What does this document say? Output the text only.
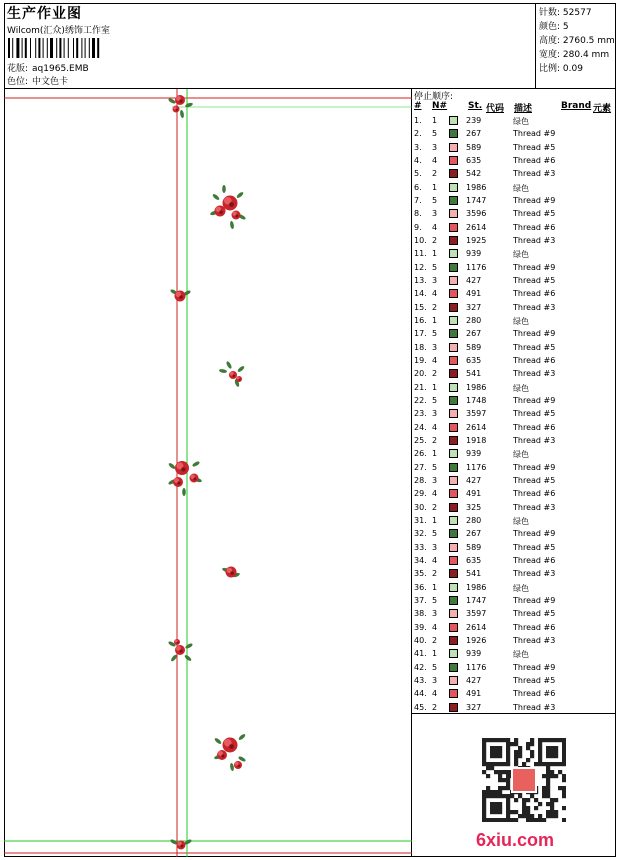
生产作业图
Wilcom(汇众)绣饰工作室
花版: aq1965.EMB
色位: 中文色卡
针数: 52577
颜色: 5
高度: 2760.5 mm
宽度: 280.4 mm
比例: 0.09
停止顺序:
# N# St. 代码 描述	Brand 元素
1. 1	239	绿色
2. 5	267	Thread #9
3. 3	589	Thread #5
4. 4	635	Thread #6
5. 2	542	Thread #3
6. 1	1986	绿色
7. 5	1747	Thread #9
8. 3	3596	Thread #5
9. 4	2614	Thread #6
10. 2	1925	Thread #3
11. 1	939	绿色
12. 5	1176	Thread #9
13. 3	427	Thread #5
14. 4	491	Thread #6
15. 2	327	Thread #3
16. 1	280	绿色
17. 5	267	Thread #9
18. 3	589	Thread #5
19. 4	635	Thread #6
20. 2	541	Thread #3
21. 1	1986	绿色
22. 5	1748	Thread #9
23. 3	3597	Thread #5
24. 4	2614	Thread #6
25. 2	1918	Thread #3
26. 1	939	绿色
27. 5	1176	Thread #9
28. 3	427	Thread #5
29. 4	491	Thread #6
30. 2	325	Thread #3
31. 1	280	绿色
32. 5	267	Thread #9
33. 3	589	Thread #5
34. 4	635	Thread #6
35. 2	541	Thread #3
36. 1	1986	绿色
37. 5	1747	Thread #9
38. 3	3597	Thread #5
39. 4	2614	Thread #6
40. 2	1926	Thread #3
41. 1	939	绿色
42. 5	1176	Thread #9
43. 3	427	Thread #5
44. 4	491	Thread #6
45. 2	327	Thread #3
6xiu.com
